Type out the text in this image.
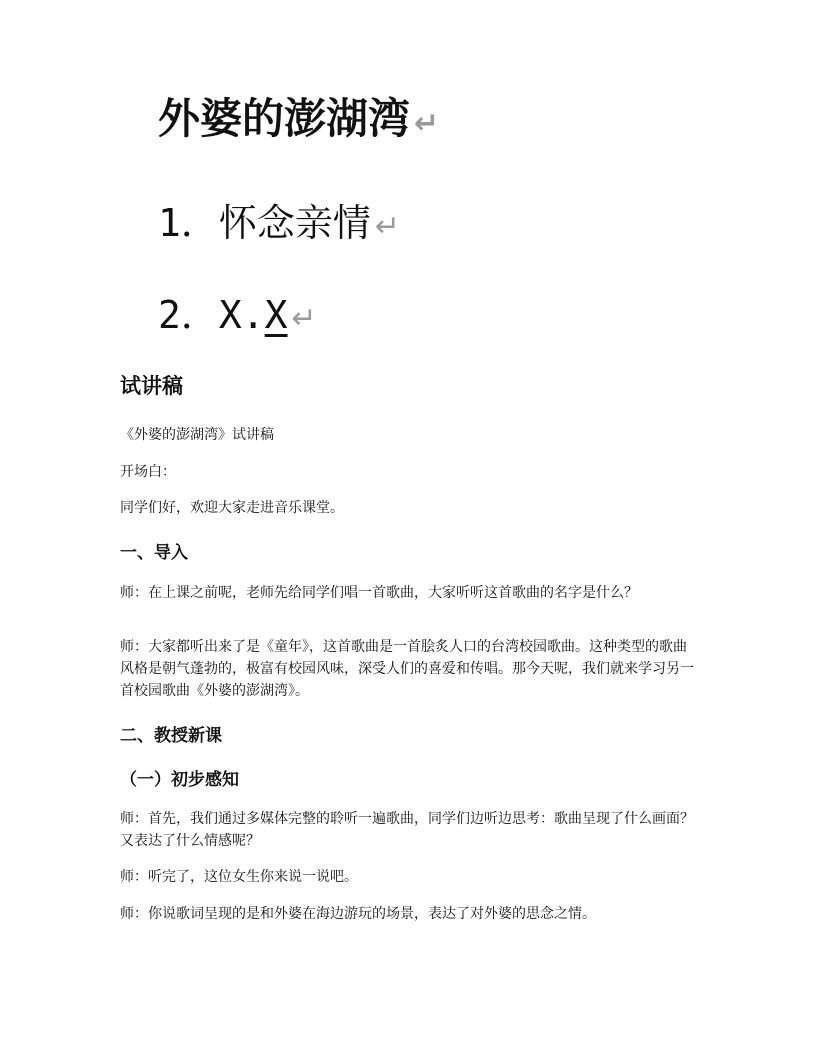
外婆的澎湖湾 ↵
1．怀念亲情 ↵
2．X.X ↵
试讲稿

《外婆的澎湖湾》试讲稿

开场白：

同学们好，欢迎大家走进音乐课堂。

一、导入

师：在上课之前呢，老师先给同学们唱一首歌曲，大家听听这首歌曲的名字是什么？

师：大家都听出来了是《童年》，这首歌曲是一首脍炙人口的台湾校园歌曲。这种类型的歌曲风格是朝气蓬勃的，极富有校园风味，深受人们的喜爱和传唱。那今天呢，我们就来学习另一首校园歌曲《外婆的澎湖湾》。

二、教授新课
（一）初步感知

师：首先，我们通过多媒体完整的聆听一遍歌曲，同学们边听边思考：歌曲呈现了什么画面？又表达了什么情感呢？

师：听完了，这位女生你来说一说吧。

师：你说歌词呈现的是和外婆在海边游玩的场景，表达了对外婆的思念之情。
